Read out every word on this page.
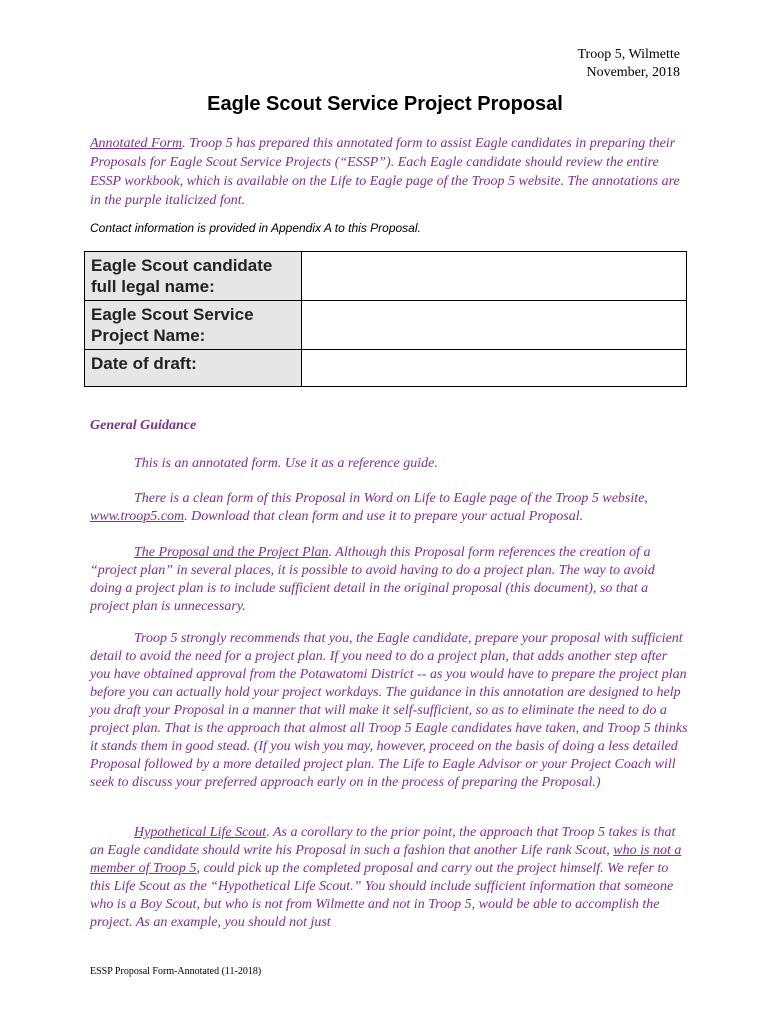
Troop 5, Wilmette
November, 2018
Eagle Scout Service Project Proposal
Annotated Form. Troop 5 has prepared this annotated form to assist Eagle candidates in preparing their Proposals for Eagle Scout Service Projects (“ESSP”). Each Eagle candidate should review the entire ESSP workbook, which is available on the Life to Eagle page of the Troop 5 website. The annotations are in the purple italicized font.
Contact information is provided in Appendix A to this Proposal.
Eagle Scout candidate full legal name:	
Eagle Scout Service Project Name:	
Date of draft:	
General Guidance
This is an annotated form. Use it as a reference guide.
There is a clean form of this Proposal in Word on Life to Eagle page of the Troop 5 website, www.troop5.com. Download that clean form and use it to prepare your actual Proposal.
The Proposal and the Project Plan. Although this Proposal form references the creation of a “project plan” in several places, it is possible to avoid having to do a project plan. The way to avoid doing a project plan is to include sufficient detail in the original proposal (this document), so that a project plan is unnecessary.
Troop 5 strongly recommends that you, the Eagle candidate, prepare your proposal with sufficient detail to avoid the need for a project plan. If you need to do a project plan, that adds another step after you have obtained approval from the Potawatomi District -- as you would have to prepare the project plan before you can actually hold your project workdays. The guidance in this annotation are designed to help you draft your Proposal in a manner that will make it self-sufficient, so as to eliminate the need to do a project plan. That is the approach that almost all Troop 5 Eagle candidates have taken, and Troop 5 thinks it stands them in good stead. (If you wish you may, however, proceed on the basis of doing a less detailed Proposal followed by a more detailed project plan. The Life to Eagle Advisor or your Project Coach will seek to discuss your preferred approach early on in the process of preparing the Proposal.)
Hypothetical Life Scout. As a corollary to the prior point, the approach that Troop 5 takes is that an Eagle candidate should write his Proposal in such a fashion that another Life rank Scout, who is not a member of Troop 5, could pick up the completed proposal and carry out the project himself. We refer to this Life Scout as the “Hypothetical Life Scout.” You should include sufficient information that someone who is a Boy Scout, but who is not from Wilmette and not in Troop 5, would be able to accomplish the project. As an example, you should not just
ESSP Proposal Form-Annotated (11-2018)
